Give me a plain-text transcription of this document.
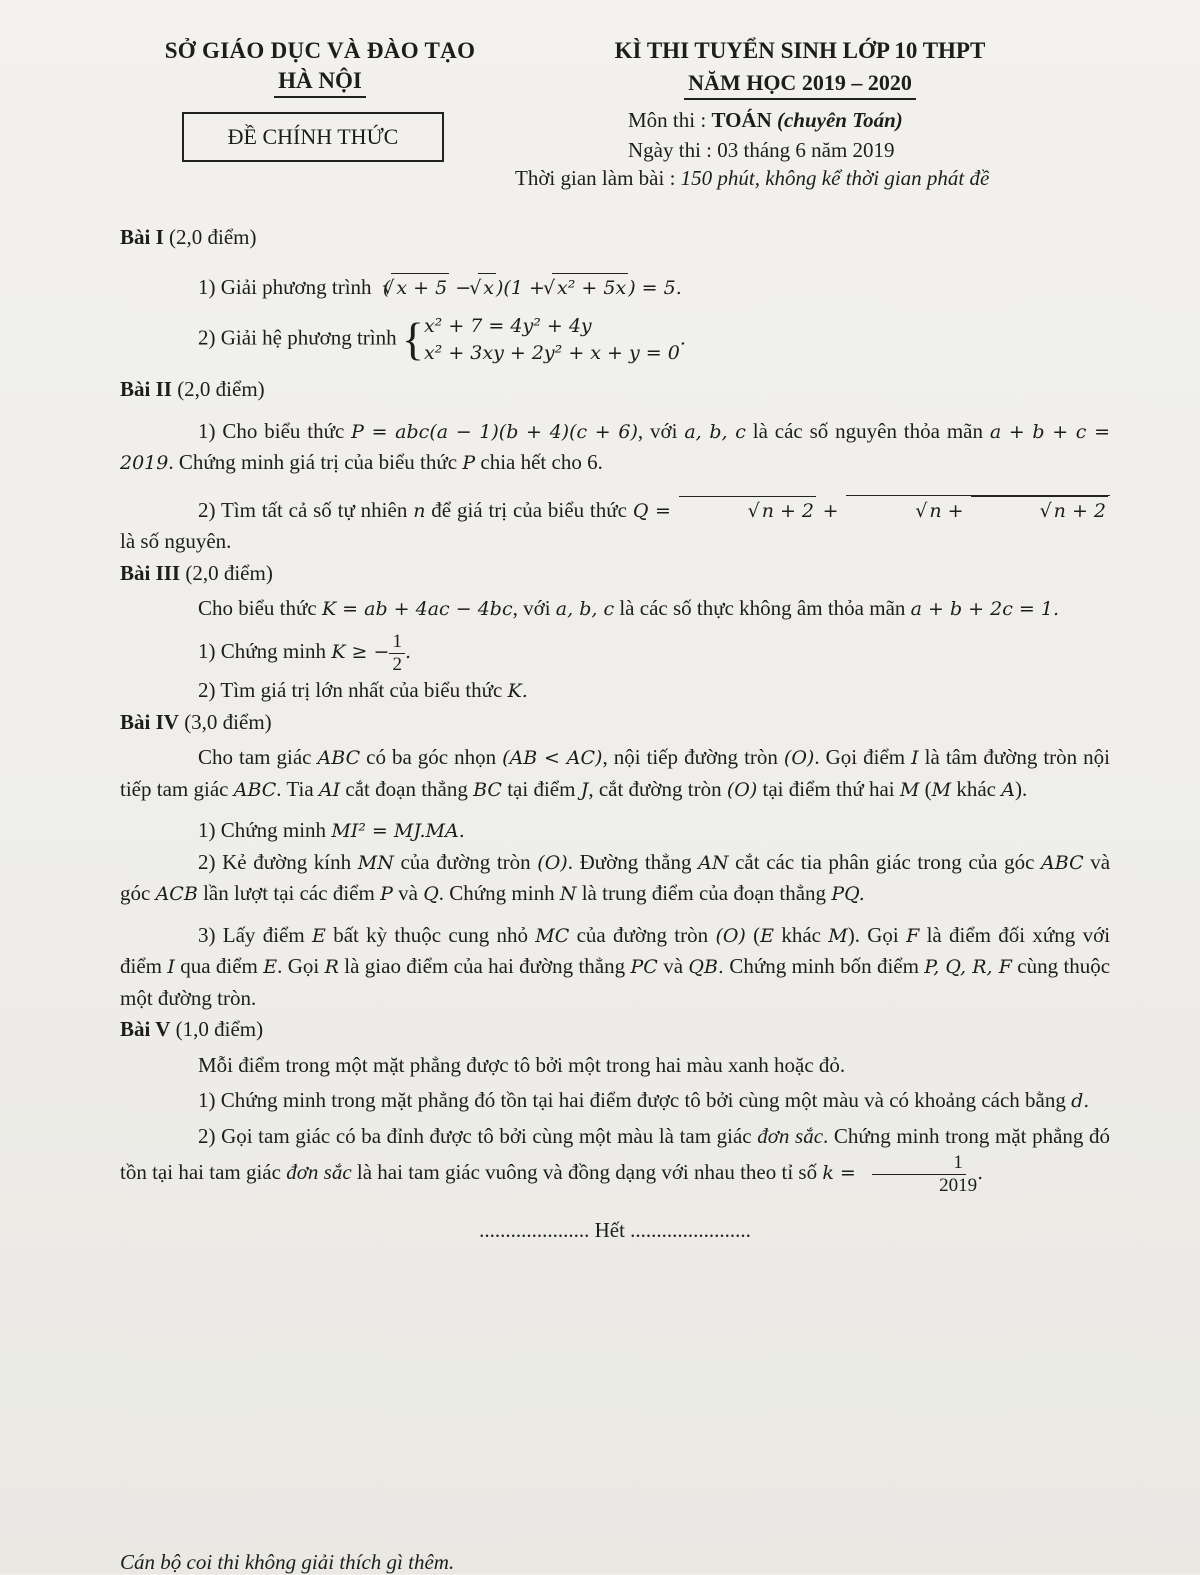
SỞ GIÁO DỤC VÀ ĐÀO TẠO
HÀ NỘI
ĐỀ CHÍNH THỨC
KÌ THI TUYỂN SINH LỚP 10 THPT
NĂM HỌC 2019 – 2020
Môn thi : TOÁN (chuyên Toán)
Ngày thi : 03 tháng 6 năm 2019
Thời gian làm bài : 150 phút, không kể thời gian phát đề

Bài I (2,0 điểm)

1) Giải phương trình  ( √ x + 5 − √ x )(1 + √ x² + 5x ) = 5.

2) Giải hệ phương trình {x² + 7 = 4y² + 4y
x² + 3xy + 2y² + x + y = 0.

Bài II (2,0 điểm)

1) Cho biểu thức P = abc(a − 1)(b + 4)(c + 6), với a, b, c là các số nguyên thỏa mãn a + b + c = 2019. Chứng minh giá trị của biểu thức P chia hết cho 6.

2) Tìm tất cả số tự nhiên n để giá trị của biểu thức Q =	√ n + 2 +	√ n +	√ n + 2 là số nguyên.

Bài III (2,0 điểm)

Cho biểu thức K = ab + 4ac − 4bc, với a, b, c là các số thực không âm thỏa mãn a + b + 2c = 1.

1) Chứng minh K ≥ − $\frac{1}{2}$ .

2) Tìm giá trị lớn nhất của biểu thức K.

Bài IV (3,0 điểm)

Cho tam giác ABC có ba góc nhọn (AB < AC), nội tiếp đường tròn (O). Gọi điểm I là tâm đường tròn nội tiếp tam giác ABC. Tia AI cắt đoạn thẳng BC tại điểm J, cắt đường tròn (O) tại điểm thứ hai M (M khác A).

1) Chứng minh MI² = MJ.MA.

2) Kẻ đường kính MN của đường tròn (O). Đường thẳng AN cắt các tia phân giác trong của góc ABC và góc ACB lần lượt tại các điểm P và Q. Chứng minh N là trung điểm của đoạn thẳng PQ.

3) Lấy điểm E bất kỳ thuộc cung nhỏ MC của đường tròn (O) (E khác M). Gọi F là điểm đối xứng với điểm I qua điểm E. Gọi R là giao điểm của hai đường thẳng PC và QB. Chứng minh bốn điểm P, Q, R, F cùng thuộc một đường tròn.

Bài V (1,0 điểm)

Mỗi điểm trong một mặt phẳng được tô bởi một trong hai màu xanh hoặc đỏ.

1) Chứng minh trong mặt phẳng đó tồn tại hai điểm được tô bởi cùng một màu và có khoảng cách bằng d.

2) Gọi tam giác có ba đỉnh được tô bởi cùng một màu là tam giác đơn sắc. Chứng minh trong mặt phẳng đó tồn tại hai tam giác đơn sắc là hai tam giác vuông và đồng dạng với nhau theo tỉ số $k = \frac{1}{2019}$ .

..................... Hết .......................

Cán bộ coi thi không giải thích gì thêm.
